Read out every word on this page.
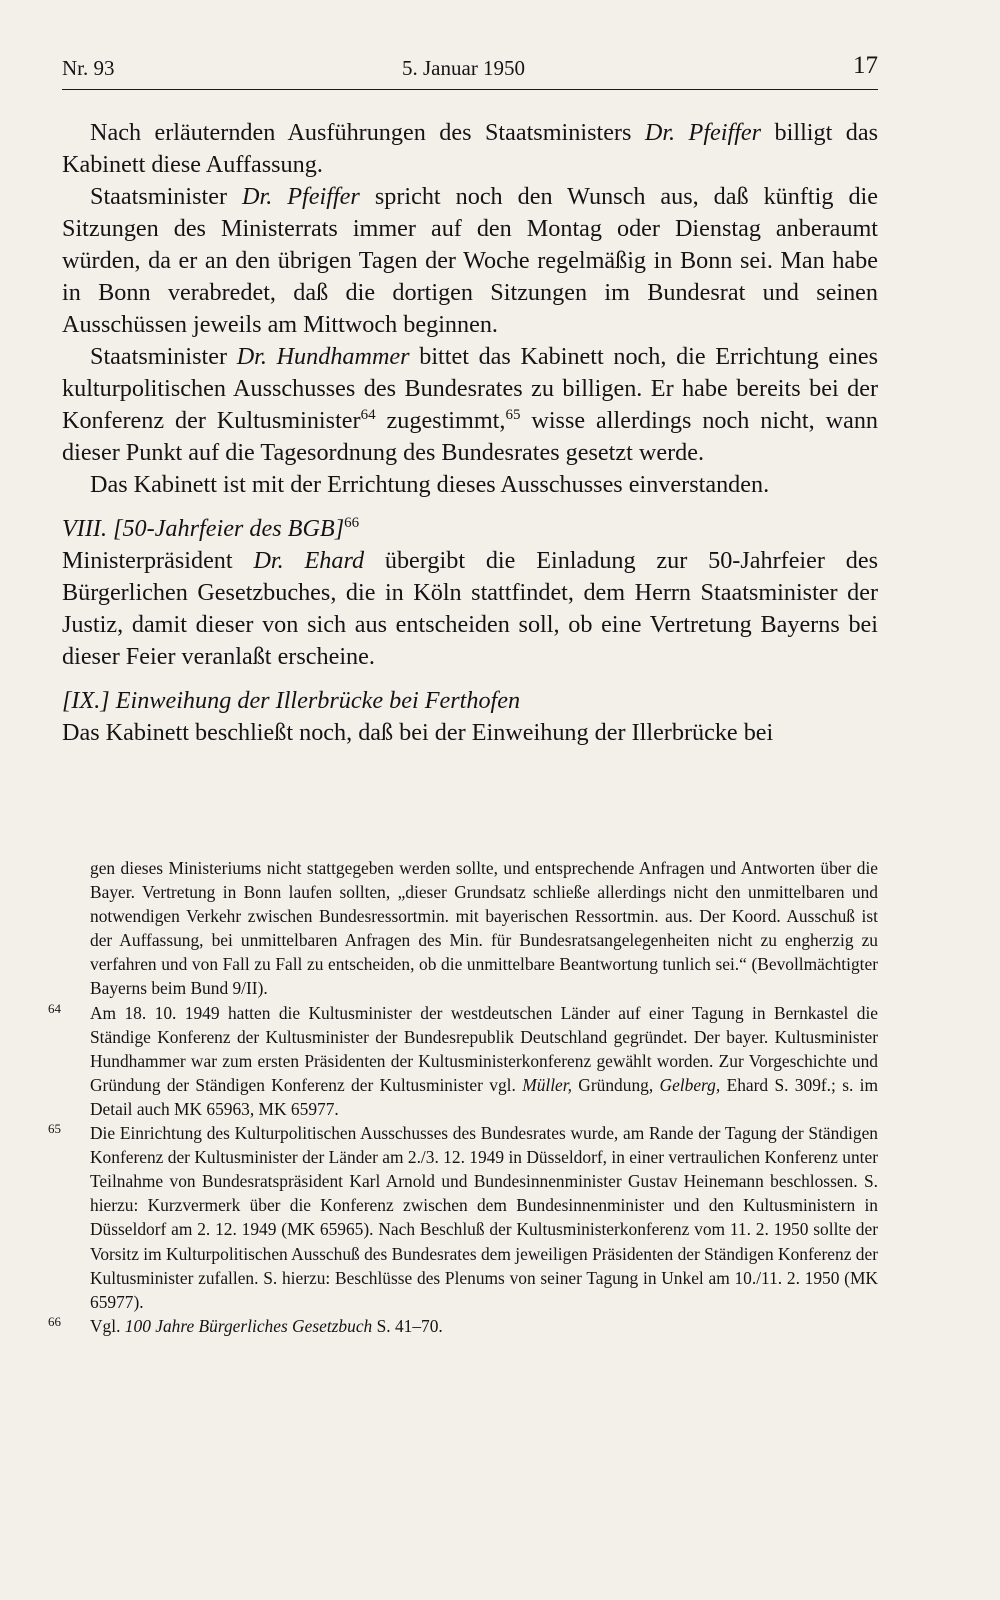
Nr. 93	5. Januar 1950	17

Nach erläuternden Ausführungen des Staatsministers Dr. Pfeiffer billigt das Kabinett diese Auffassung.

Staatsminister Dr. Pfeiffer spricht noch den Wunsch aus, daß künftig die Sitzungen des Ministerrats immer auf den Montag oder Dienstag anberaumt würden, da er an den übrigen Tagen der Woche regelmäßig in Bonn sei. Man habe in Bonn verabredet, daß die dortigen Sitzungen im Bundesrat und seinen Ausschüssen jeweils am Mittwoch beginnen.

Staatsminister Dr. Hundhammer bittet das Kabinett noch, die Errichtung eines kulturpolitischen Ausschusses des Bundesrates zu billigen. Er habe bereits bei der Konferenz der Kultusminister$^{64}$ zugestimmt,$^{65}$ wisse allerdings noch nicht, wann dieser Punkt auf die Tagesordnung des Bundesrates gesetzt werde.

Das Kabinett ist mit der Errichtung dieses Ausschusses einverstanden.

VIII. [50-Jahrfeier des BGB]$^{66}$

Ministerpräsident Dr. Ehard übergibt die Einladung zur 50-Jahrfeier des Bürgerlichen Gesetzbuches, die in Köln stattfindet, dem Herrn Staatsminister der Justiz, damit dieser von sich aus entscheiden soll, ob eine Vertretung Bayerns bei dieser Feier veranlaßt erscheine.

[IX.] Einweihung der Illerbrücke bei Ferthofen

Das Kabinett beschließt noch, daß bei der Einweihung der Illerbrücke bei

gen dieses Ministeriums nicht stattgegeben werden sollte, und entsprechende Anfragen und Antworten über die Bayer. Vertretung in Bonn laufen sollten, „dieser Grundsatz schließe allerdings nicht den unmittelbaren und notwendigen Verkehr zwischen Bundesressortmin. mit bayerischen Ressortmin. aus. Der Koord. Ausschuß ist der Auffassung, bei unmittelbaren Anfragen des Min. für Bundesratsangelegenheiten nicht zu engherzig zu verfahren und von Fall zu Fall zu entscheiden, ob die unmittelbare Beantwortung tunlich sei.“ (Bevollmächtigter Bayerns beim Bund 9/II).

64 Am 18. 10. 1949 hatten die Kultusminister der westdeutschen Länder auf einer Tagung in Bernkastel die Ständige Konferenz der Kultusminister der Bundesrepublik Deutschland gegründet. Der bayer. Kultusminister Hundhammer war zum ersten Präsidenten der Kultusministerkonferenz gewählt worden. Zur Vorgeschichte und Gründung der Ständigen Konferenz der Kultusminister vgl. Müller, Gründung, Gelberg, Ehard S. 309f.; s. im Detail auch MK 65963, MK 65977.

65 Die Einrichtung des Kulturpolitischen Ausschusses des Bundesrates wurde, am Rande der Tagung der Ständigen Konferenz der Kultusminister der Länder am 2./3. 12. 1949 in Düsseldorf, in einer vertraulichen Konferenz unter Teilnahme von Bundesratspräsident Karl Arnold und Bundesinnenminister Gustav Heinemann beschlossen. S. hierzu: Kurzvermerk über die Konferenz zwischen dem Bundesinnenminister und den Kultusministern in Düsseldorf am 2. 12. 1949 (MK 65965). Nach Beschluß der Kultusministerkonferenz vom 11. 2. 1950 sollte der Vorsitz im Kulturpolitischen Ausschuß des Bundesrates dem jeweiligen Präsidenten der Ständigen Konferenz der Kultusminister zufallen. S. hierzu: Beschlüsse des Plenums von seiner Tagung in Unkel am 10./11. 2. 1950 (MK 65977).

66 Vgl. 100 Jahre Bürgerliches Gesetzbuch S. 41–70.
